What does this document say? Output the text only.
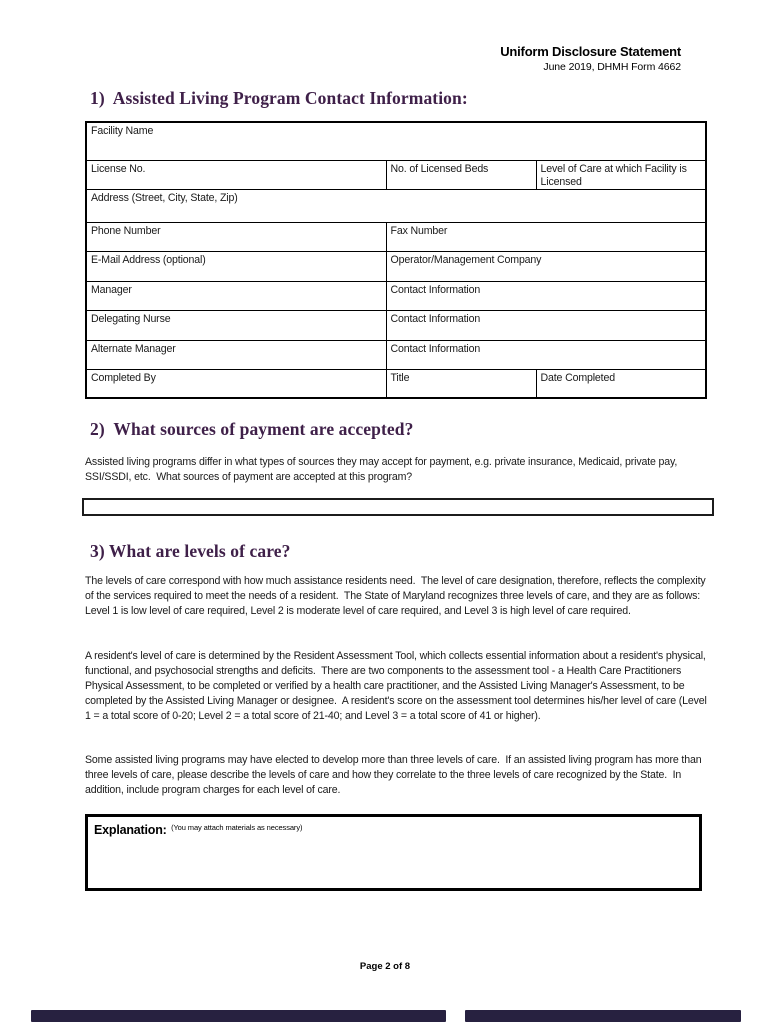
Uniform Disclosure Statement
June 2019, DHMH Form 4662
1)  Assisted Living Program Contact Information:
Facility Name		
License No.	No. of Licensed Beds	Level of Care at which Facility is Licensed
Address (Street, City, State, Zip)		
Phone Number	Fax Number	
E-Mail Address (optional)	Operator/Management Company	
Manager	Contact Information	
Delegating Nurse	Contact Information	
Alternate Manager	Contact Information	
Completed By	Title	Date Completed
2)  What sources of payment are accepted?
Assisted living programs differ in what types of sources they may accept for payment, e.g. private insurance, Medicaid, private pay, SSI/SSDI, etc.  What sources of payment are accepted at this program?
3) What are levels of care?
The levels of care correspond with how much assistance residents need.  The level of care designation, therefore, reflects the complexity of the services required to meet the needs of a resident.  The State of Maryland recognizes three levels of care, and they are as follows:  Level 1 is low level of care required, Level 2 is moderate level of care required, and Level 3 is high level of care required.
A resident's level of care is determined by the Resident Assessment Tool, which collects essential information about a resident's physical, functional, and psychosocial strengths and deficits.  There are two components to the assessment tool - a Health Care Practitioners Physical Assessment, to be completed or verified by a health care practitioner, and the Assisted Living Manager's Assessment, to be completed by the Assisted Living Manager or designee.  A resident's score on the assessment tool determines his/her level of care (Level 1 = a total score of 0-20; Level 2 = a total score of 21-40; and Level 3 = a total score of 41 or higher).
Some assisted living programs may have elected to develop more than three levels of care.  If an assisted living program has more than three levels of care, please describe the levels of care and how they correlate to the three levels of care recognized by the State.  In addition, include program charges for each level of care.
Explanation: $^{(You may attach materials as necessary)}$
Page 2 of 8
